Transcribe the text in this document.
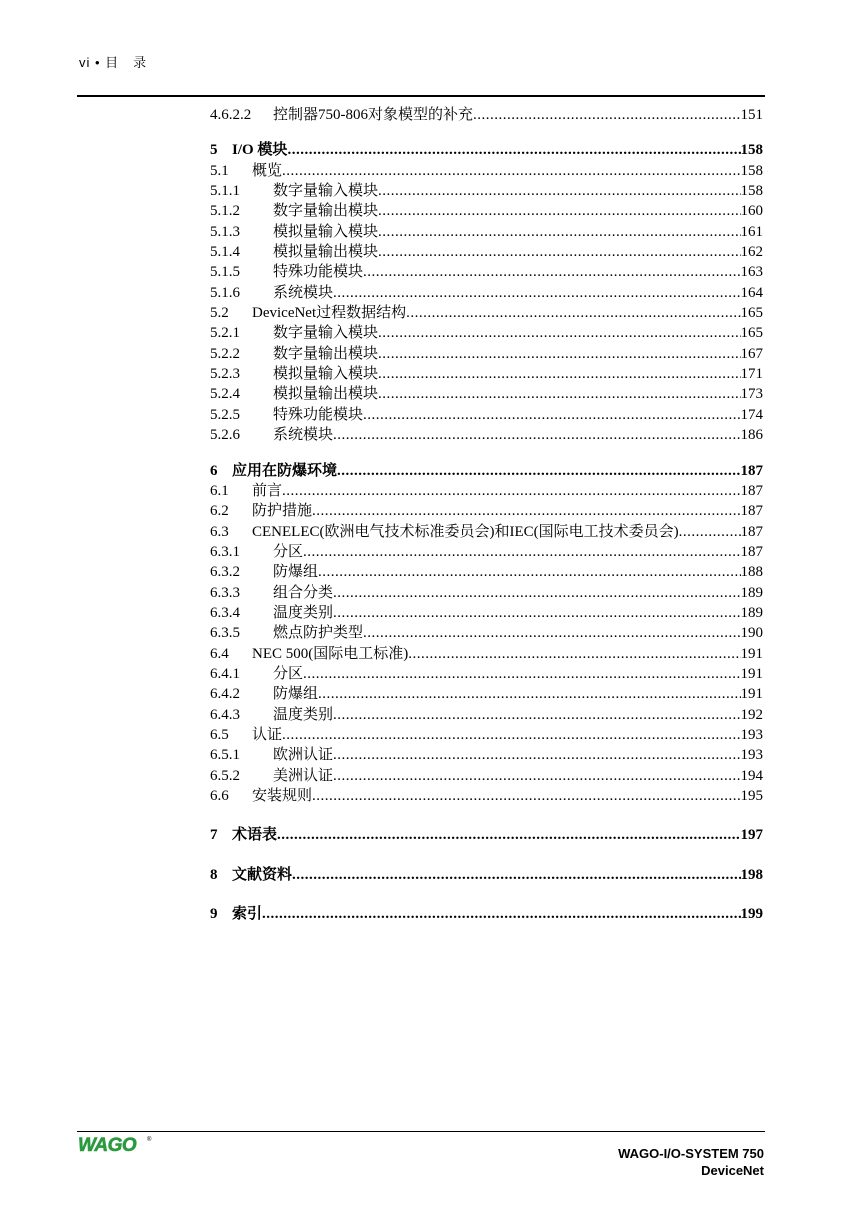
vi • 目　录
4.6.2.2	控制器750-806对象模型的补充 .....	151
5 I/O 模块 .....	158
5.1	概览 .....	158
5.1.1	数字量输入模块 .....	158
5.1.2	数字量输出模块 .....	160
5.1.3	模拟量输入模块 .....	161
5.1.4	模拟量输出模块 .....	162
5.1.5	特殊功能模块 .....	163
5.1.6	系统模块 .....	164
5.2	DeviceNet过程数据结构 .....	165
5.2.1	数字量输入模块 .....	165
5.2.2	数字量输出模块 .....	167
5.2.3	模拟量输入模块 .....	171
5.2.4	模拟量输出模块 .....	173
5.2.5	特殊功能模块 .....	174
5.2.6	系统模块 .....	186
6 应用在防爆环境 .....	187
6.1	前言 .....	187
6.2	防护措施 .....	187
6.3	CENELEC(欧洲电气技术标准委员会)和IEC(国际电工技术委员会) .....	187
6.3.1	分区 .....	187
6.3.2	防爆组 .....	188
6.3.3	组合分类 .....	189
6.3.4	温度类别 .....	189
6.3.5	燃点防护类型 .....	190
6.4	NEC 500(国际电工标准) .....	191
6.4.1	分区 .....	191
6.4.2	防爆组 .....	191
6.4.3	温度类别 .....	192
6.5	认证 .....	193
6.5.1	欧洲认证 .....	193
6.5.2	美洲认证 .....	194
6.6	安装规则 .....	195
7 术语表 .....	197
8 文献资料 .....	198
9 索引 .....	199
WAGO ®
WAGO-I/O-SYSTEM 750
DeviceNet
